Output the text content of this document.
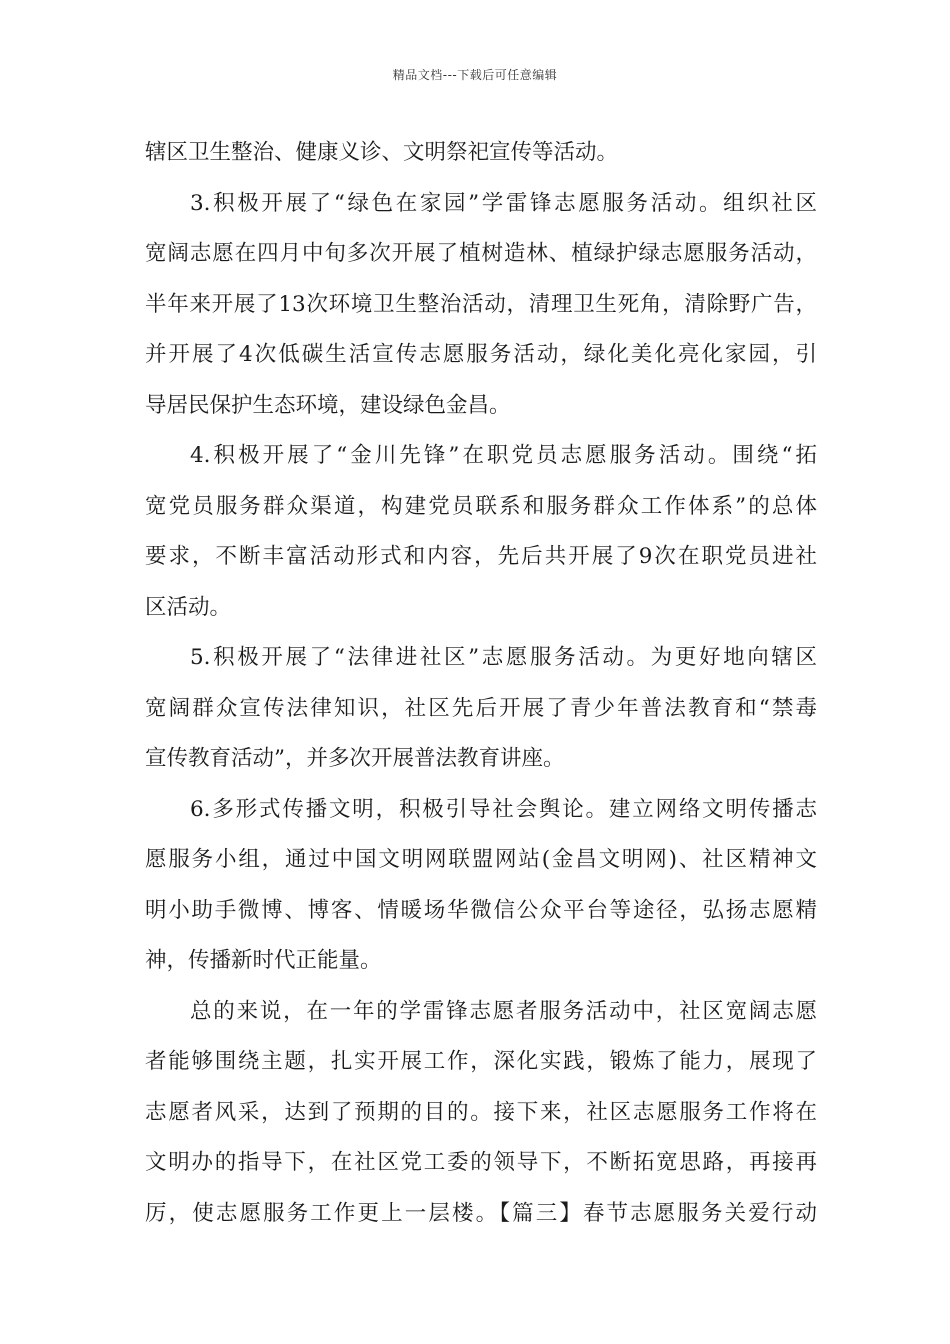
精品文档---下载后可任意编辑
辖区卫生整治、健康义诊、文明祭祀宣传等活动。
3.积极开展了“绿色在家园”学雷锋志愿服务活动。组织社区
宽阔志愿在四月中旬多次开展了植树造林、植绿护绿志愿服务活动，
半年来开展了13次环境卫生整治活动，清理卫生死角，清除野广告，
并开展了4次低碳生活宣传志愿服务活动，绿化美化亮化家园，引
导居民保护生态环境，建设绿色金昌。
4.积极开展了“金川先锋”在职党员志愿服务活动。围绕“拓
宽党员服务群众渠道，构建党员联系和服务群众工作体系”的总体
要求，不断丰富活动形式和内容，先后共开展了9次在职党员进社
区活动。
5.积极开展了“法律进社区”志愿服务活动。为更好地向辖区
宽阔群众宣传法律知识，社区先后开展了青少年普法教育和“禁毒
宣传教育活动”，并多次开展普法教育讲座。
6.多形式传播文明，积极引导社会舆论。建立网络文明传播志
愿服务小组，通过中国文明网联盟网站(金昌文明网)、社区精神文
明小助手微博、博客、情暖场华微信公众平台等途径，弘扬志愿精
神，传播新时代正能量。
总的来说，在一年的学雷锋志愿者服务活动中，社区宽阔志愿
者能够围绕主题，扎实开展工作，深化实践，锻炼了能力，展现了
志愿者风采，达到了预期的目的。接下来，社区志愿服务工作将在
文明办的指导下，在社区党工委的领导下，不断拓宽思路，再接再
厉，使志愿服务工作更上一层楼。【篇三】春节志愿服务关爱行动
